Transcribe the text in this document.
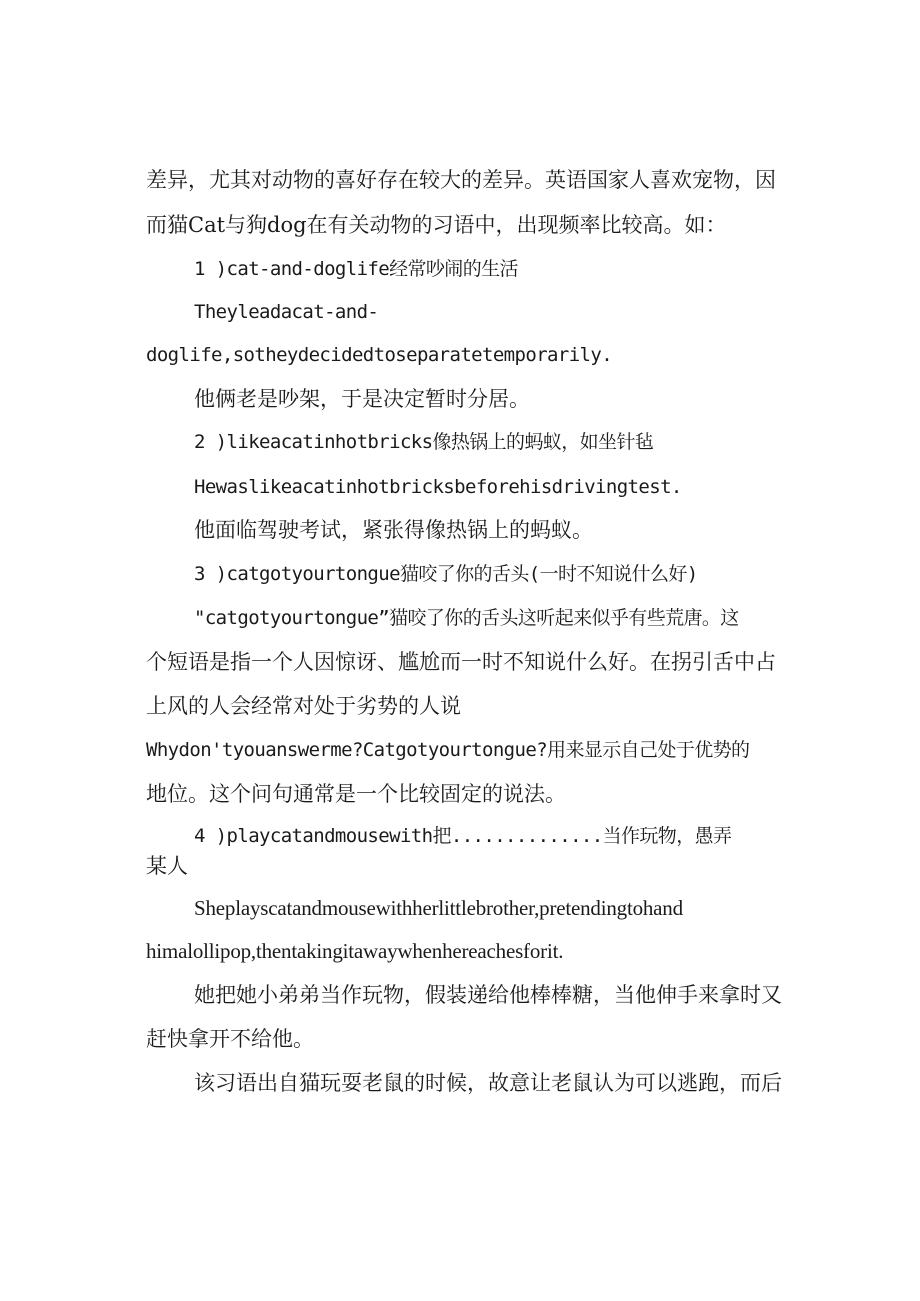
差异，尤其对动物的喜好存在较大的差异。英语国家人喜欢宠物，因
而猫Cat与狗dog在有关动物的习语中，出现频率比较高。如：
1 )cat-and-doglife经常吵闹的生活
Theyleadacat-and-
doglife,sotheydecidedtoseparatetemporarily.
他俩老是吵架，于是决定暂时分居。
2 )likeacatinhotbricks像热锅上的蚂蚁，如坐针毡
Hewaslikeacatinhotbricksbeforehisdrivingtest.
他面临驾驶考试，紧张得像热锅上的蚂蚁。
3 )catgotyourtongue猫咬了你的舌头(一时不知说什么好)
"catgotyourtongue”猫咬了你的舌头这听起来似乎有些荒唐。这
个短语是指一个人因惊讶、尴尬而一时不知说什么好。在拐引舌中占
上风的人会经常对处于劣势的人说
Whydon'tyouanswerme?Catgotyourtongue?用来显示自己处于优势的
地位。这个问句通常是一个比较固定的说法。
4 )playcatandmousewith把..............当作玩物，愚弄
某人
Sheplayscatandmousewithherlittlebrother,pretendingtohand
himalollipop,thentakingitawaywhenhereachesforit.
她把她小弟弟当作玩物，假装递给他棒棒糖，当他伸手来拿时又
赶快拿开不给他。
该习语出自猫玩耍老鼠的时候，故意让老鼠认为可以逃跑，而后
